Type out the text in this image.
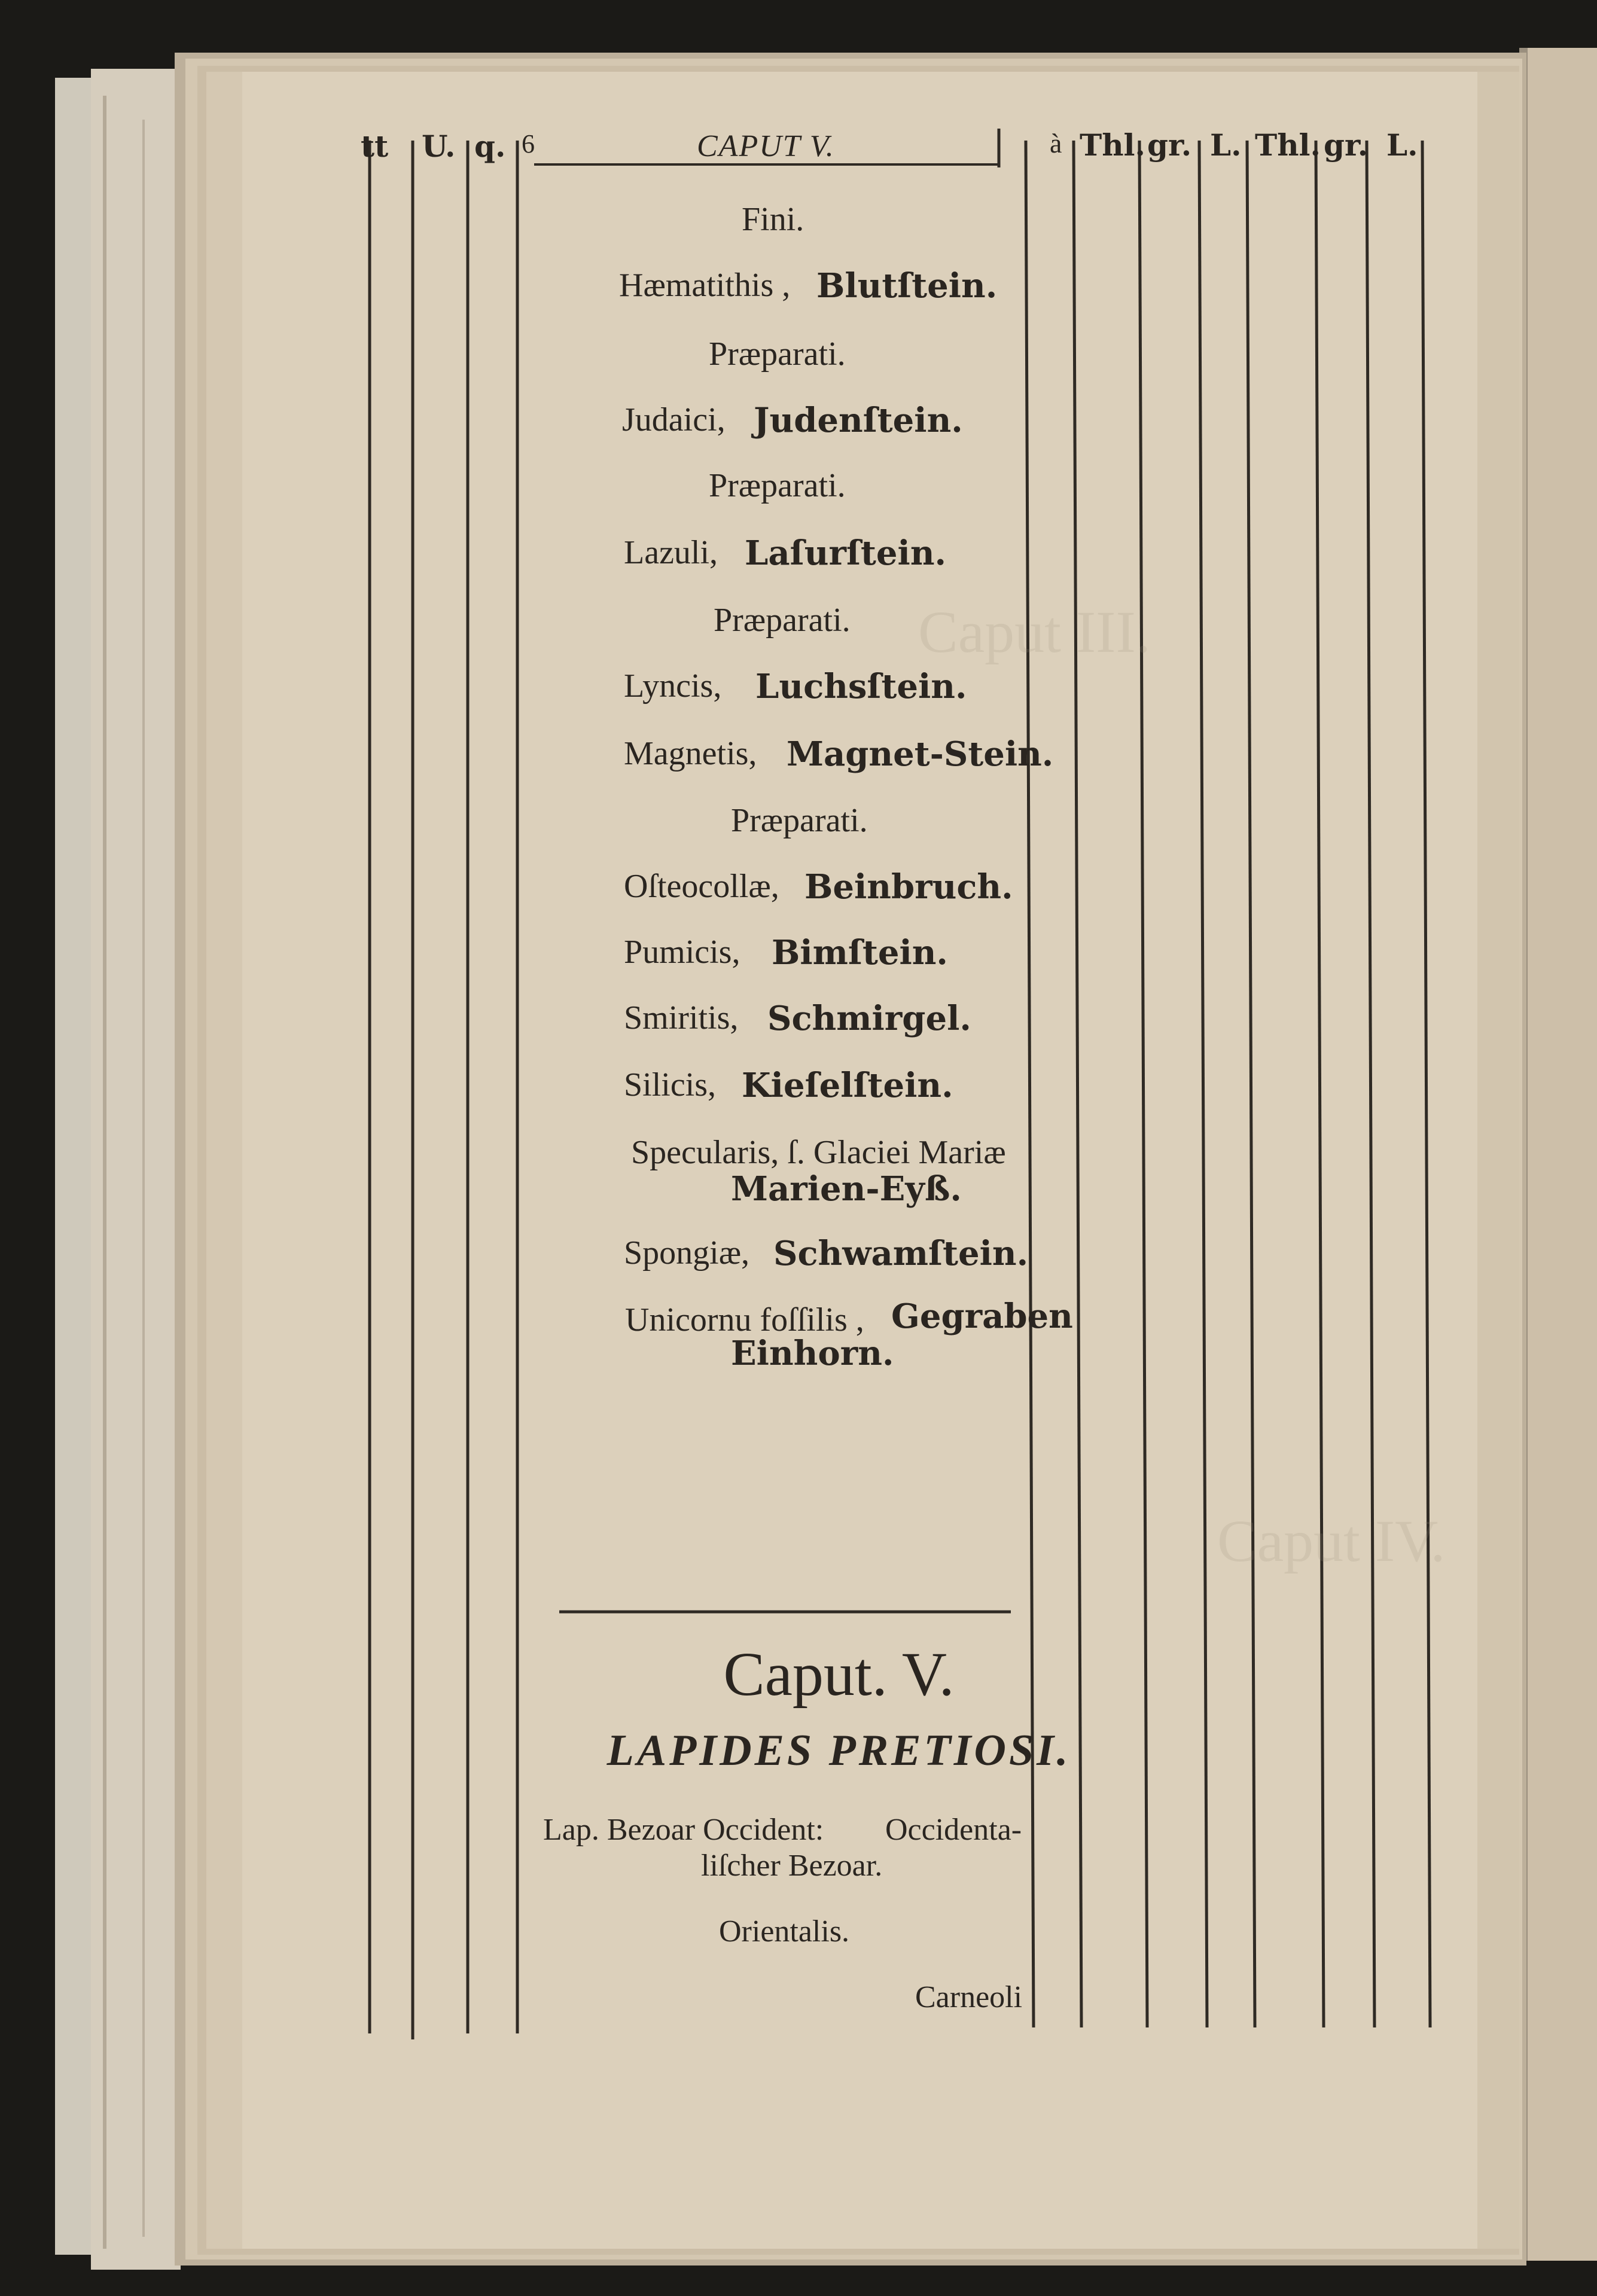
Caput III.
Caput IV.
tt U. q. 6	CAPUT V.	à Thl. gr. L. Thl. gr. L.
Fini.
Hæmatithis , Blutſtein.
Præparati.
Judaici, Judenſtein.
Præparati.
Lazuli, Laſurſtein.
Præparati.
Lyncis, Luchsſtein.
Magnetis, Magnet-Stein.
Præparati.
Oſteocollæ, Beinbruch.
Pumicis, Bimſtein.
Smiritis, Schmirgel.
Silicis, Kieſelſtein.
Specularis, ſ. Glaciei Mariæ
Marien-Eyß.
Spongiæ, Schwamſtein.
Unicornu foſſilis , Gegraben
Einhorn.
Caput. V.
LAPIDES PRETIOSI.
Lap. Bezoar Occident: Occidenta-
liſcher Bezoar.
Orientalis.
Carneoli
